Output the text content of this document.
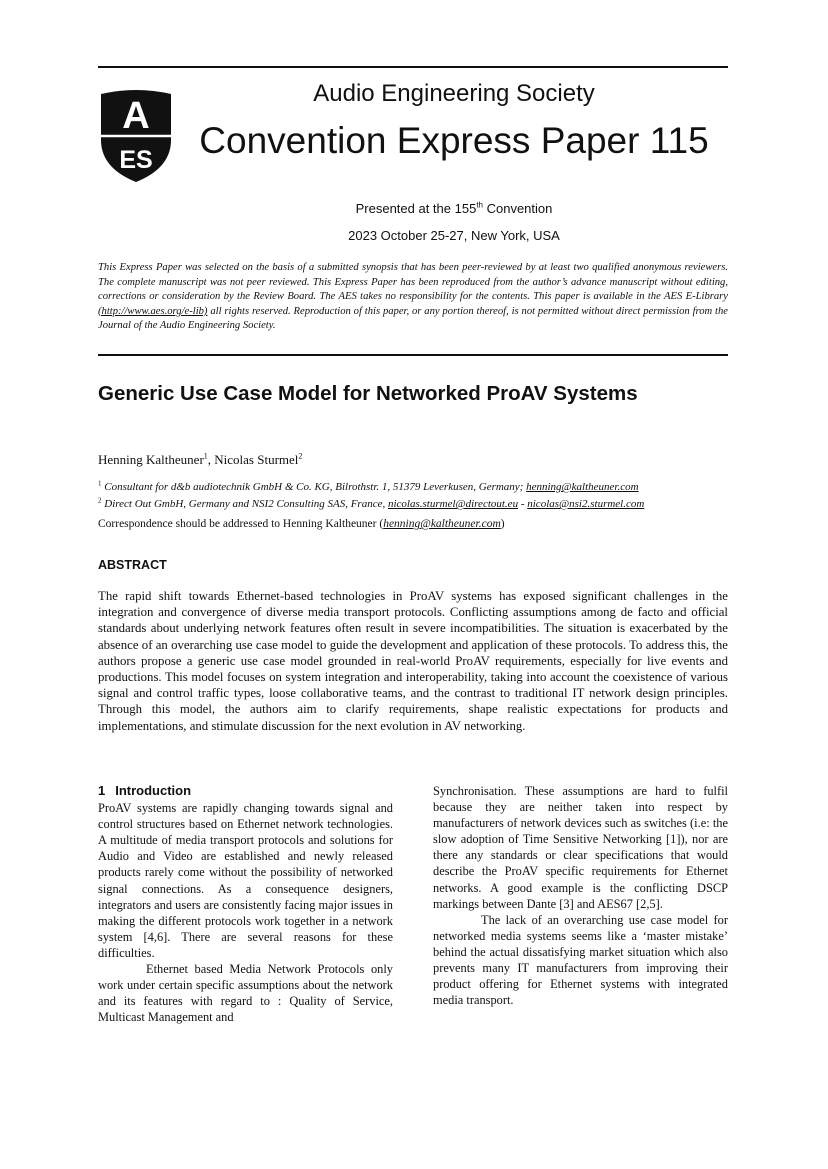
A
ES
Audio Engineering Society
Convention Express Paper 115
Presented at the 155th Convention
2023 October 25-27, New York, USA
This Express Paper was selected on the basis of a submitted synopsis that has been peer-reviewed by at least two qualified anonymous reviewers. The complete manuscript was not peer reviewed. This Express Paper has been reproduced from the author’s advance manuscript without editing, corrections or consideration by the Review Board. The AES takes no responsibility for the contents. This paper is available in the AES E-Library (http://www.aes.org/e-lib) all rights reserved. Reproduction of this paper, or any portion thereof, is not permitted without direct permission from the Journal of the Audio Engineering Society.
Generic Use Case Model for Networked ProAV Systems
Henning Kaltheuner$^1$, Nicolas Sturmel$^2$
$^1$ Consultant for d&b audiotechnik GmbH & Co. KG, Bilrothstr. 1, 51379 Leverkusen, Germany; henning@kaltheuner.com
$^2$ Direct Out GmbH, Germany and NSI2 Consulting SAS, France, nicolas.sturmel@directout.eu - nicolas@nsi2.sturmel.com
Correspondence should be addressed to Henning Kaltheuner (henning@kaltheuner.com)
ABSTRACT
The rapid shift towards Ethernet-based technologies in ProAV systems has exposed significant challenges in the integration and convergence of diverse media transport protocols. Conflicting assumptions among de facto and official standards about underlying network features often result in severe incompatibilities. The situation is exacerbated by the absence of an overarching use case model to guide the development and application of these protocols. To address this, the authors propose a generic use case model grounded in real-world ProAV requirements, especially for live events and productions. This model focuses on system integration and interoperability, taking into account the coexistence of various signal and control traffic types, loose collaborative teams, and the contrast to traditional IT network design principles. Through this model, the authors aim to clarify requirements, shape realistic expectations for products and implementations, and stimulate discussion for the next evolution in AV networking.
1 Introduction

ProAV systems are rapidly changing towards signal and control structures based on Ethernet network technologies. A multitude of media transport protocols and solutions for Audio and Video are established and newly released products rarely come without the possibility of networked signal connections. As a consequence designers, integrators and users are consistently facing major issues in making the different protocols work together in a network system [4,6]. There are several reasons for these difficulties.

Ethernet based Media Network Protocols only work under certain specific assumptions about the network and its features with regard to : Quality of Service, Multicast Management and

Synchronisation. These assumptions are hard to fulfil because they are neither taken into respect by manufacturers of network devices such as switches (i.e: the slow adoption of Time Sensitive Networking [1]), nor are there any standards or clear specifications that would describe the ProAV specific requirements for Ethernet networks. A good example is the conflicting DSCP markings between Dante [3] and AES67 [2,5].

The lack of an overarching use case model for networked media systems seems like a ‘master mistake’ behind the actual dissatisfying market situation which also prevents many IT manufacturers from improving their product offering for Ethernet systems with integrated media transport.
